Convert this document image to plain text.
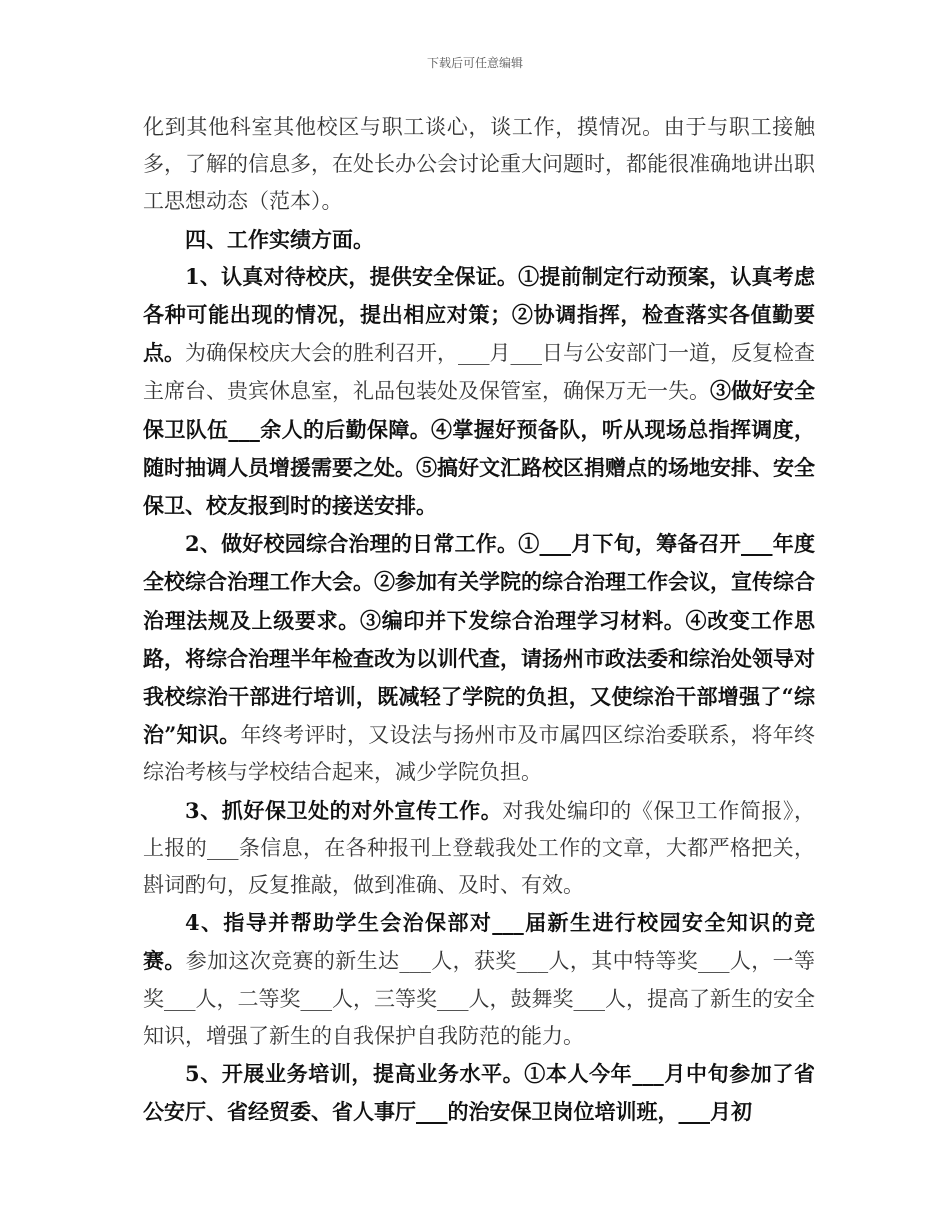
下载后可任意编辑

化到其他科室其他校区与职工谈心，谈工作，摸情况。由于与职工接触多，了解的信息多，在处长办公会讨论重大问题时，都能很准确地讲出职工思想动态（范本）。

四、工作实绩方面。

1、认真对待校庆，提供安全保证。①提前制定行动预案，认真考虑各种可能出现的情况，提出相应对策；②协调指挥，检查落实各值勤要点。为确保校庆大会的胜利召开，___月___日与公安部门一道，反复检查主席台、贵宾休息室，礼品包装处及保管室，确保万无一失。③做好安全保卫队伍___余人的后勤保障。④掌握好预备队，听从现场总指挥调度，随时抽调人员增援需要之处。⑤搞好文汇路校区捐赠点的场地安排、安全保卫、校友报到时的接送安排。

2、做好校园综合治理的日常工作。①___月下旬，筹备召开___年度全校综合治理工作大会。②参加有关学院的综合治理工作会议，宣传综合治理法规及上级要求。③编印并下发综合治理学习材料。④改变工作思路，将综合治理半年检查改为以训代查，请扬州市政法委和综治处领导对我校综治干部进行培训，既减轻了学院的负担，又使综治干部增强了“综治”知识。年终考评时，又设法与扬州市及市属四区综治委联系，将年终综治考核与学校结合起来，减少学院负担。

3、抓好保卫处的对外宣传工作。对我处编印的《保卫工作简报》，上报的___条信息，在各种报刊上登载我处工作的文章，大都严格把关，斟词酌句，反复推敲，做到准确、及时、有效。

4、指导并帮助学生会治保部对___届新生进行校园安全知识的竞赛。参加这次竞赛的新生达___人，获奖___人，其中特等奖___人，一等奖___人，二等奖___人，三等奖___人，鼓舞奖___人，提高了新生的安全知识，增强了新生的自我保护自我防范的能力。

5、开展业务培训，提高业务水平。①本人今年___月中旬参加了省公安厅、省经贸委、省人事厅___的治安保卫岗位培训班，___月初
